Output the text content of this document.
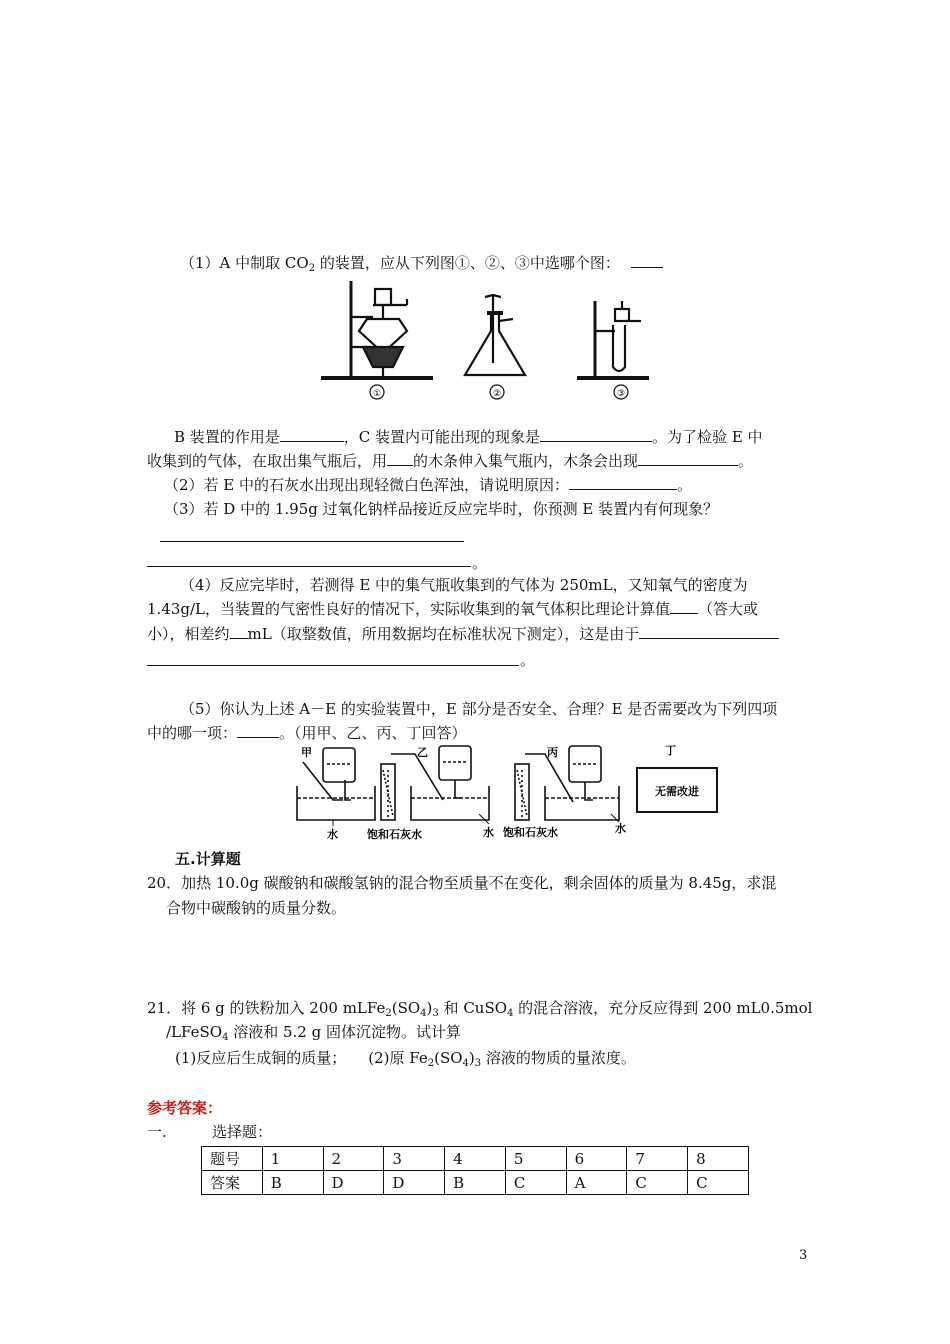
（1）A 中制取 $CO_2$ 的装置，应从下列图①、②、③中选哪个图：
①	②	③
B 装置的作用是	，C 装置内可能出现的现象是	。为了检验 E 中
收集到的气体，在取出集气瓶后，用 的木条伸入集气瓶内，木条会出现	。
（2）若 E 中的石灰水出现出现轻微白色浑浊，请说明原因：	。
（3）若 D 中的 1.95g 过氧化钠样品接近反应完毕时，你预测 E 装置内有何现象？
。
（4）反应完毕时，若测得 E 中的集气瓶收集到的气体为 250mL，又知氧气的密度为
1.43g/L，当装置的气密性良好的情况下，实际收集到的氧气体积比理论计算值 （答大或
小），相差约 mL（取整数值，所用数据均在标准状况下测定），这是由于
。
（5）你认为上述 A－E 的实验装置中，E 部分是否安全、合理？E 是否需要改为下列四项
中的哪一项：	。（用甲、乙、丙、丁回答）
甲	乙	丙	丁
无需改进
水	饱和石灰水	水 饱和石灰水	水
五.计算题
20．加热 10.0g 碳酸钠和碳酸氢钠的混合物至质量不在变化，剩余固体的质量为 8.45g，求混
合物中碳酸钠的质量分数。
21．将 6 g 的铁粉加入 200 $mLFe_2(SO_4)_3$ 和 CuSO$_4$ 的混合溶液，充分反应得到 200 mL0.5mol
/LFeSO$_4$ 溶液和 5.2 g 固体沉淀物。试计算
(1)反应后生成铜的质量； (2)原 $Fe_2(SO_4)_3$ 溶液的物质的量浓度。
参考答案：
一.	选择题：
题号	1	2	3	4	5	6	7	8
答案	B	D	D	B	C	A	C	C
3
